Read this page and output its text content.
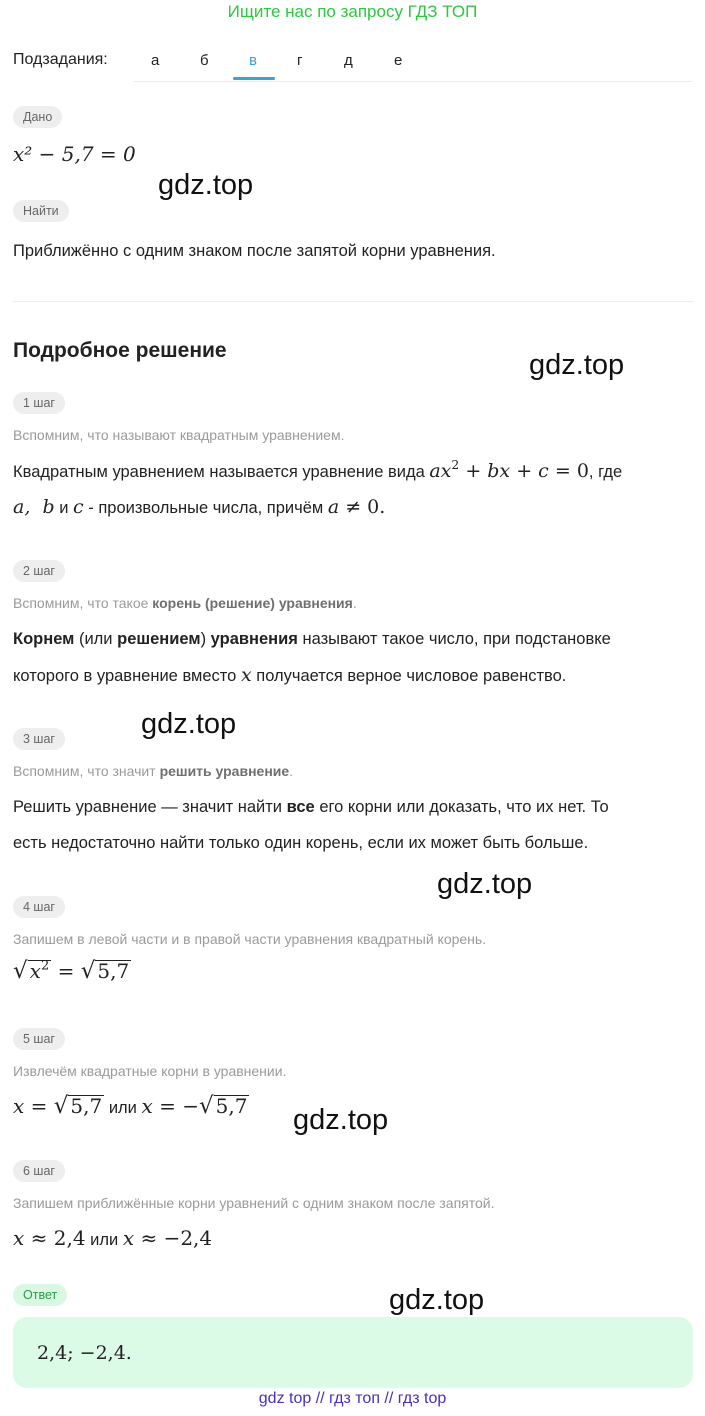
Ищите нас по запросу ГДЗ ТОП
Подзадания:	а	б	в	г	д	е
Дано
x² − 5,7 = 0
Найти
Приближённо с одним знаком после запятой корни уравнения.
Подробное решение
1 шаг
Вспомним, что называют квадратным уравнением.
Квадратным уравнением называется уравнение вида $ax^2$ + bx + c = 0, где
a,  b и c - произвольные числа, причём a ≠ 0.
2 шаг
Вспомним, что такое корень (решение) уравнения.
Корнем (или решением) уравнения называют такое число, при подстановке
которого в уравнение вместо x получается верное числовое равенство.
3 шаг
Вспомним, что значит решить уравнение.
Решить уравнение — значит найти все его корни или доказать, что их нет. То
есть недостаточно найти только один корень, если их может быть больше.
4 шаг
Запишем в левой части и в правой части уравнения квадратный корень.
√ $x^2$ = √ 5,7
5 шаг
Извлечём квадратные корни в уравнении.
x = √ 5,7 или x = −√ 5,7
6 шаг
Запишем приближённые корни уравнений с одним знаком после запятой.
x ≈ 2,4 или x ≈ −2,4
Ответ
2,4; −2,4.
gdz.top
gdz.top
gdz.top
gdz.top
gdz.top
gdz.top
gdz top // гдз топ // гдз top
